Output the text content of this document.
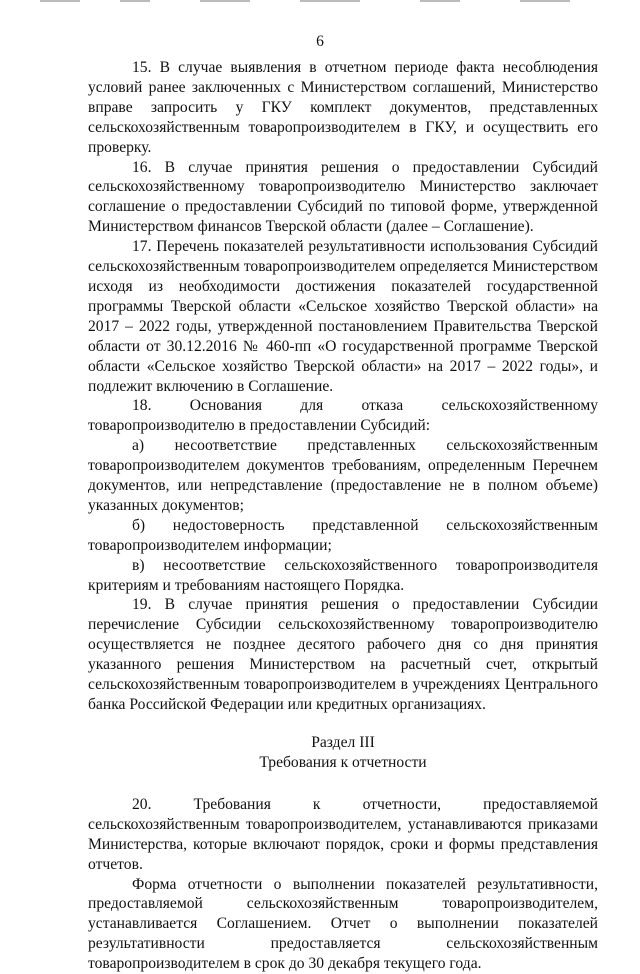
6

15. В случае выявления в отчетном периоде факта несоблюдения условий ранее заключенных с Министерством соглашений, Министерство вправе запросить у ГКУ комплект документов, представленных сельскохозяйственным товаропроизводителем в ГКУ, и осуществить его проверку.

16. В случае принятия решения о предоставлении Субсидий сельскохозяйственному товаропроизводителю Министерство заключает соглашение о предоставлении Субсидий по типовой форме, утвержденной Министерством финансов Тверской области (далее – Соглашение).

17. Перечень показателей результативности использования Субсидий сельскохозяйственным товаропроизводителем определяется Министерством исходя из необходимости достижения показателей государственной программы Тверской области «Сельское хозяйство Тверской области» на 2017 – 2022 годы, утвержденной постановлением Правительства Тверской области от 30.12.2016 № 460-пп «О государственной программе Тверской области «Сельское хозяйство Тверской области» на 2017 – 2022 годы», и подлежит включению в Соглашение.

18. Основания для отказа сельскохозяйственному товаропроизводителю в предоставлении Субсидий:

а) несоответствие представленных сельскохозяйственным товаропроизводителем документов требованиям, определенным Перечнем документов, или непредставление (предоставление не в полном объеме) указанных документов;

б) недостоверность представленной сельскохозяйственным товаропроизводителем информации;

в) несоответствие сельскохозяйственного товаропроизводителя критериям и требованиям настоящего Порядка.

19. В случае принятия решения о предоставлении Субсидии перечисление Субсидии сельскохозяйственному товаропроизводителю осуществляется не позднее десятого рабочего дня со дня принятия указанного решения Министерством на расчетный счет, открытый сельскохозяйственным товаропроизводителем в учреждениях Центрального банка Российской Федерации или кредитных организациях.

Раздел III

Требования к отчетности

20. Требования к отчетности, предоставляемой сельскохозяйственным товаропроизводителем, устанавливаются приказами Министерства, которые включают порядок, сроки и формы представления отчетов.

Форма отчетности о выполнении показателей результативности, предоставляемой сельскохозяйственным товаропроизводителем, устанавливается Соглашением. Отчет о выполнении показателей результативности предоставляется сельскохозяйственным товаропроизводителем в срок до 30 декабря текущего года.
